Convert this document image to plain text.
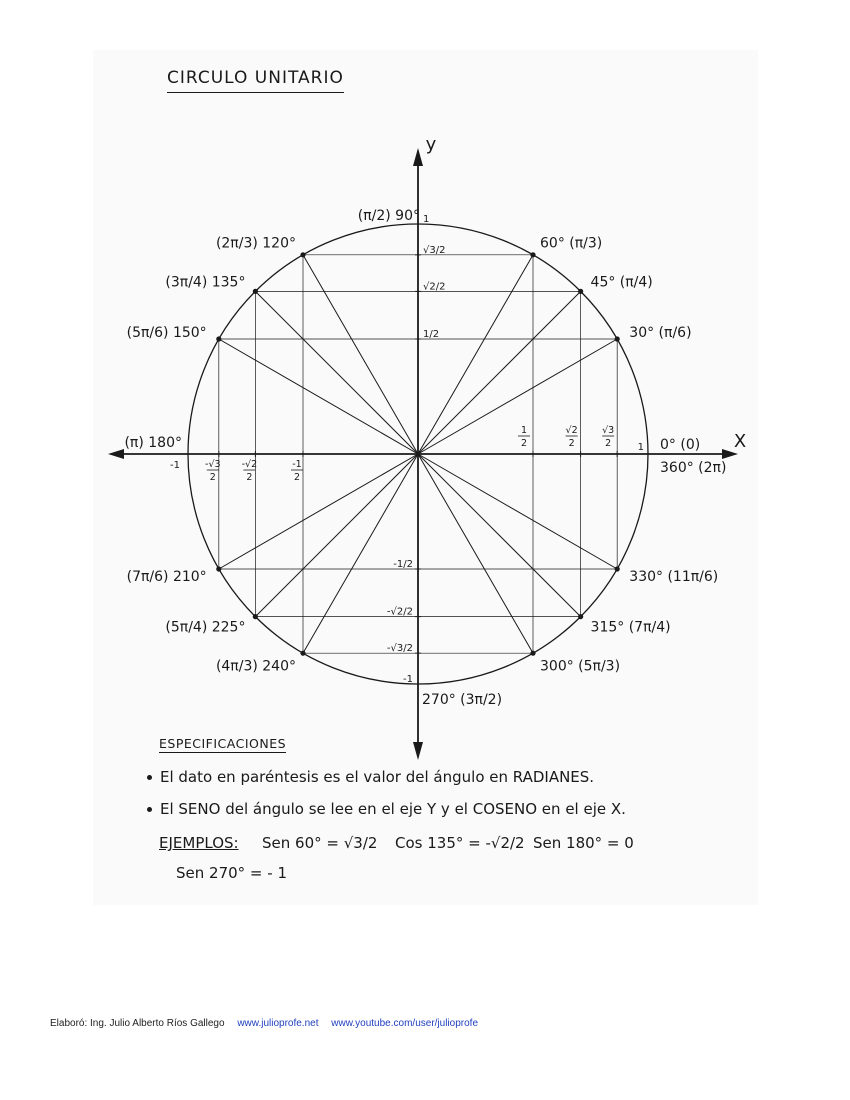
CIRCULO UNITARIO
X
y
0° (0)
30° (π/6)
45° (π/4)
60° (π/3)
(π/2) 90°
(2π/3) 120°
(3π/4) 135°
(5π/6) 150°
(π) 180°
(7π/6) 210°
(5π/4) 225°
(4π/3) 240°
270° (3π/2)
300° (5π/3)
315° (7π/4)
330° (11π/6)
360° (2π)
1
√3/2
√2/2
1/2
-1/2
-√2/2
-√3/2
-1
1
2
√2
2
√3
2	1
-1	-√3
2
-√2
2
-1
2
ESPECIFICACIONES
El dato en paréntesis es el valor del ángulo en RADIANES.
El SENO del ángulo se lee en el eje Y y el COSENO en el eje X.
EJEMPLOS: Sen 60° = √3/2 Cos 135° = -√2/2 Sen 180° = 0
Sen 270° = - 1
Elaboró: Ing. Julio Alberto Ríos Gallego www.julioprofe.net www.youtube.com/user/julioprofe
